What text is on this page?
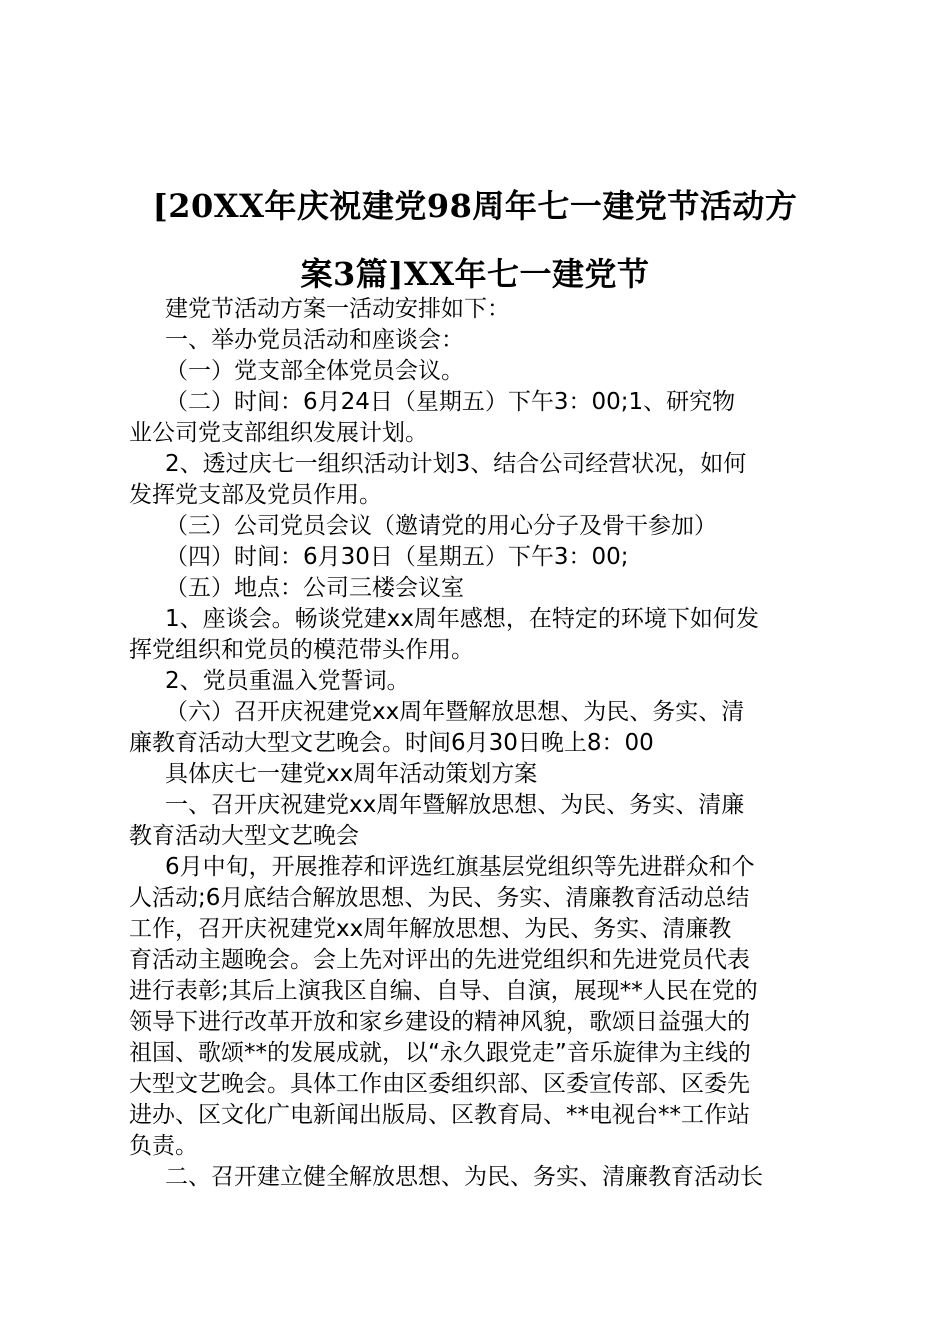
[20XX年庆祝建党98周年七一建党节活动方
案3篇]XX年七一建党节
建党节活动方案一活动安排如下：
一、举办党员活动和座谈会：
（一）党支部全体党员会议。
（二）时间：6月24日（星期五）下午3：00;1、研究物
业公司党支部组织发展计划。
2、透过庆七一组织活动计划3、结合公司经营状况，如何
发挥党支部及党员作用。
（三）公司党员会议（邀请党的用心分子及骨干参加）
（四）时间：6月30日（星期五）下午3：00;
（五）地点：公司三楼会议室
1、座谈会。畅谈党建xx周年感想，在特定的环境下如何发
挥党组织和党员的模范带头作用。
2、党员重温入党誓词。
（六）召开庆祝建党xx周年暨解放思想、为民、务实、清
廉教育活动大型文艺晚会。时间6月30日晚上8：00
具体庆七一建党xx周年活动策划方案
一、召开庆祝建党xx周年暨解放思想、为民、务实、清廉
教育活动大型文艺晚会
6月中旬，开展推荐和评选红旗基层党组织等先进群众和个
人活动;6月底结合解放思想、为民、务实、清廉教育活动总结
工作，召开庆祝建党xx周年解放思想、为民、务实、清廉教
育活动主题晚会。会上先对评出的先进党组织和先进党员代表
进行表彰;其后上演我区自编、自导、自演，展现**人民在党的
领导下进行改革开放和家乡建设的精神风貌，歌颂日益强大的
祖国、歌颂**的发展成就，以“永久跟党走”音乐旋律为主线的
大型文艺晚会。具体工作由区委组织部、区委宣传部、区委先
进办、区文化广电新闻出版局、区教育局、**电视台**工作站
负责。
二、召开建立健全解放思想、为民、务实、清廉教育活动长
